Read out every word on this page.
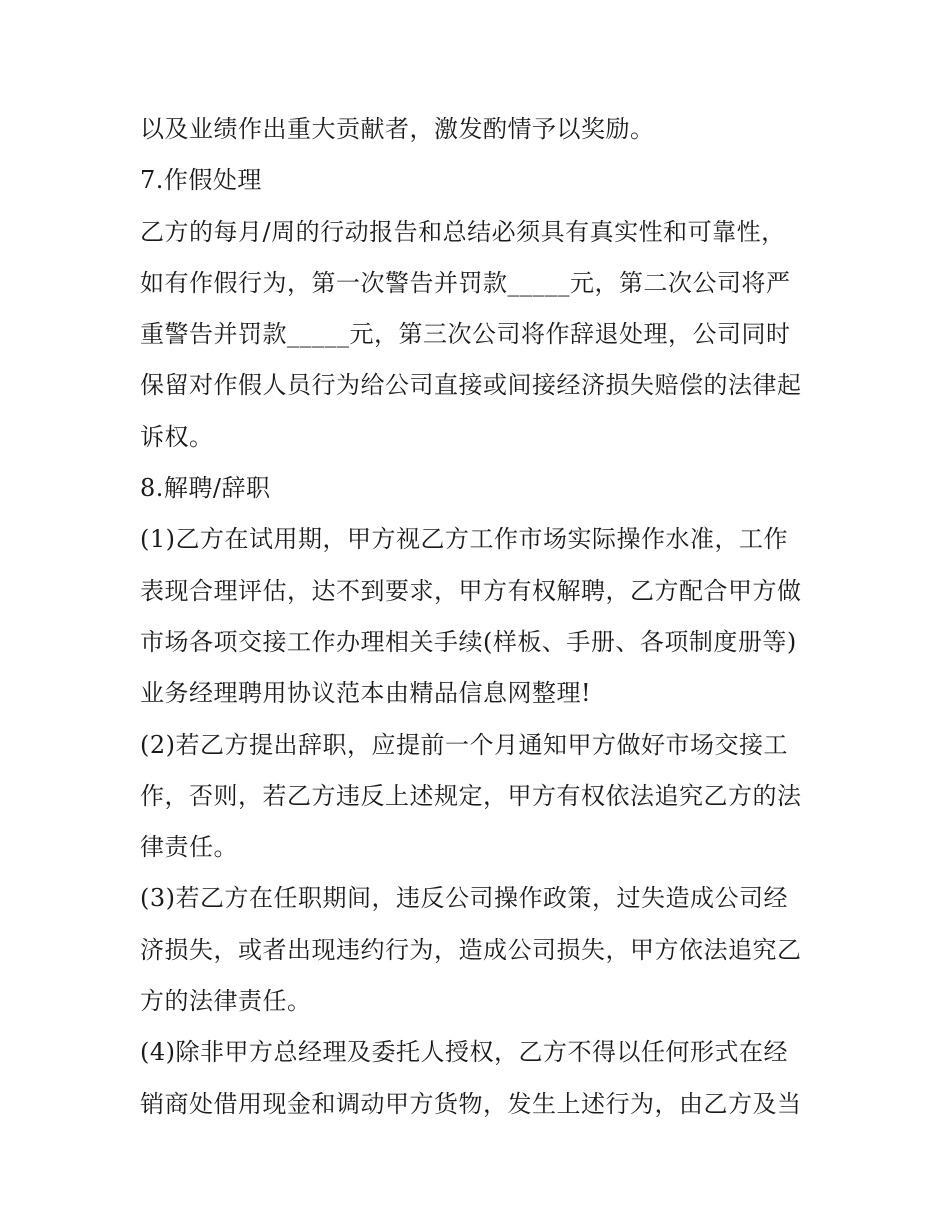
以及业绩作出重大贡献者，激发酌情予以奖励。
7.作假处理
乙方的每月/周的行动报告和总结必须具有真实性和可靠性，
如有作假行为，第一次警告并罚款_____元，第二次公司将严
重警告并罚款_____元，第三次公司将作辞退处理，公司同时
保留对作假人员行为给公司直接或间接经济损失赔偿的法律起
诉权。
8.解聘/辞职
(1)乙方在试用期，甲方视乙方工作市场实际操作水准，工作
表现合理评估，达不到要求，甲方有权解聘，乙方配合甲方做
市场各项交接工作办理相关手续(样板、手册、各项制度册等)
业务经理聘用协议范本由精品信息网整理!
(2)若乙方提出辞职，应提前一个月通知甲方做好市场交接工
作，否则，若乙方违反上述规定，甲方有权依法追究乙方的法
律责任。
(3)若乙方在任职期间，违反公司操作政策，过失造成公司经
济损失，或者出现违约行为，造成公司损失，甲方依法追究乙
方的法律责任。
(4)除非甲方总经理及委托人授权，乙方不得以任何形式在经
销商处借用现金和调动甲方货物，发生上述行为，由乙方及当
